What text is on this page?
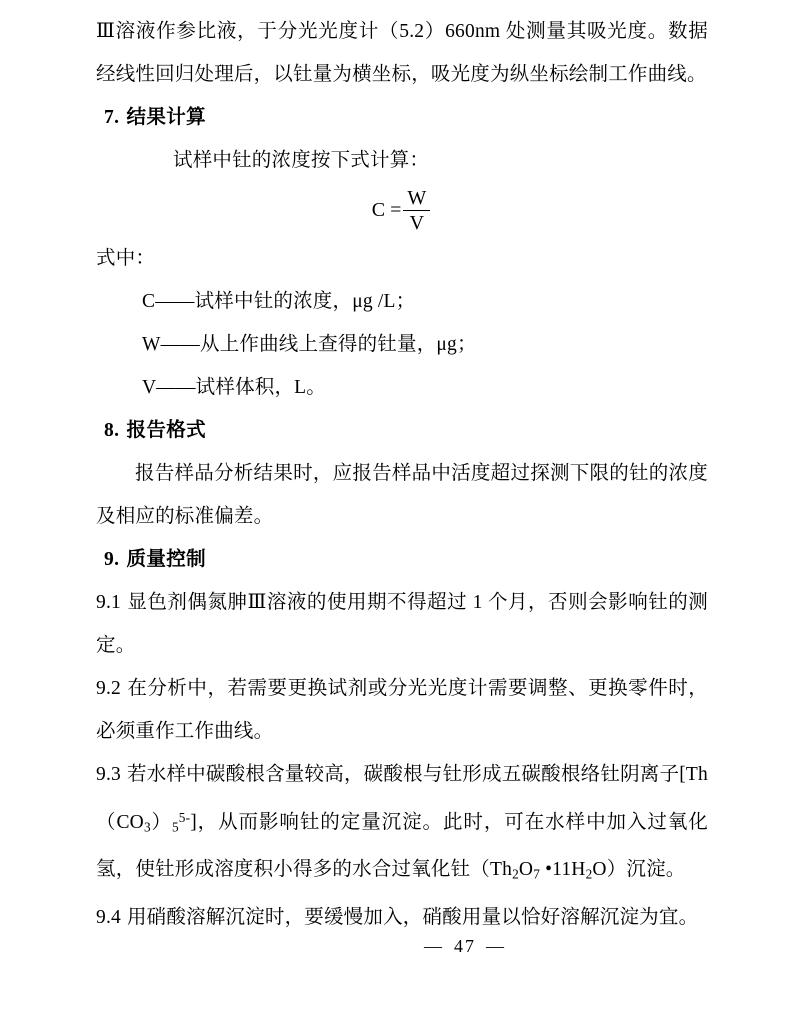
Ⅲ溶液作参比液，于分光光度计（5.2）660nm 处测量其吸光度。数据经线性回归处理后，以钍量为横坐标，吸光度为纵坐标绘制工作曲线。

7. 结果计算

试样中钍的浓度按下式计算：

$C = \frac{W}{V}$

式中：

C——试样中钍的浓度，μg /L；
W——从上作曲线上查得的钍量，μg；
V——试样体积，L。
8. 报告格式

报告样品分析结果时，应报告样品中活度超过探测下限的钍的浓度及相应的标准偏差。

9. 质量控制

9.1 显色剂偶氮胂Ⅲ溶液的使用期不得超过 1 个月，否则会影响钍的测定。

9.2 在分析中，若需要更换试剂或分光光度计需要调整、更换零件时，必须重作工作曲线。

9.3 若水样中碳酸根含量较高，碳酸根与钍形成五碳酸根络钍阴离子$[Th(CO_3)_5^{5-}]$，从而影响钍的定量沉淀。此时，可在水样中加入过氧化氢，使钍形成溶度积小得多的水合过氧化钍（$Th_2O_7$ $•11H_2O$）沉淀。

9.4 用硝酸溶解沉淀时，要缓慢加入，硝酸用量以恰好溶解沉淀为宜。

— 47 —
